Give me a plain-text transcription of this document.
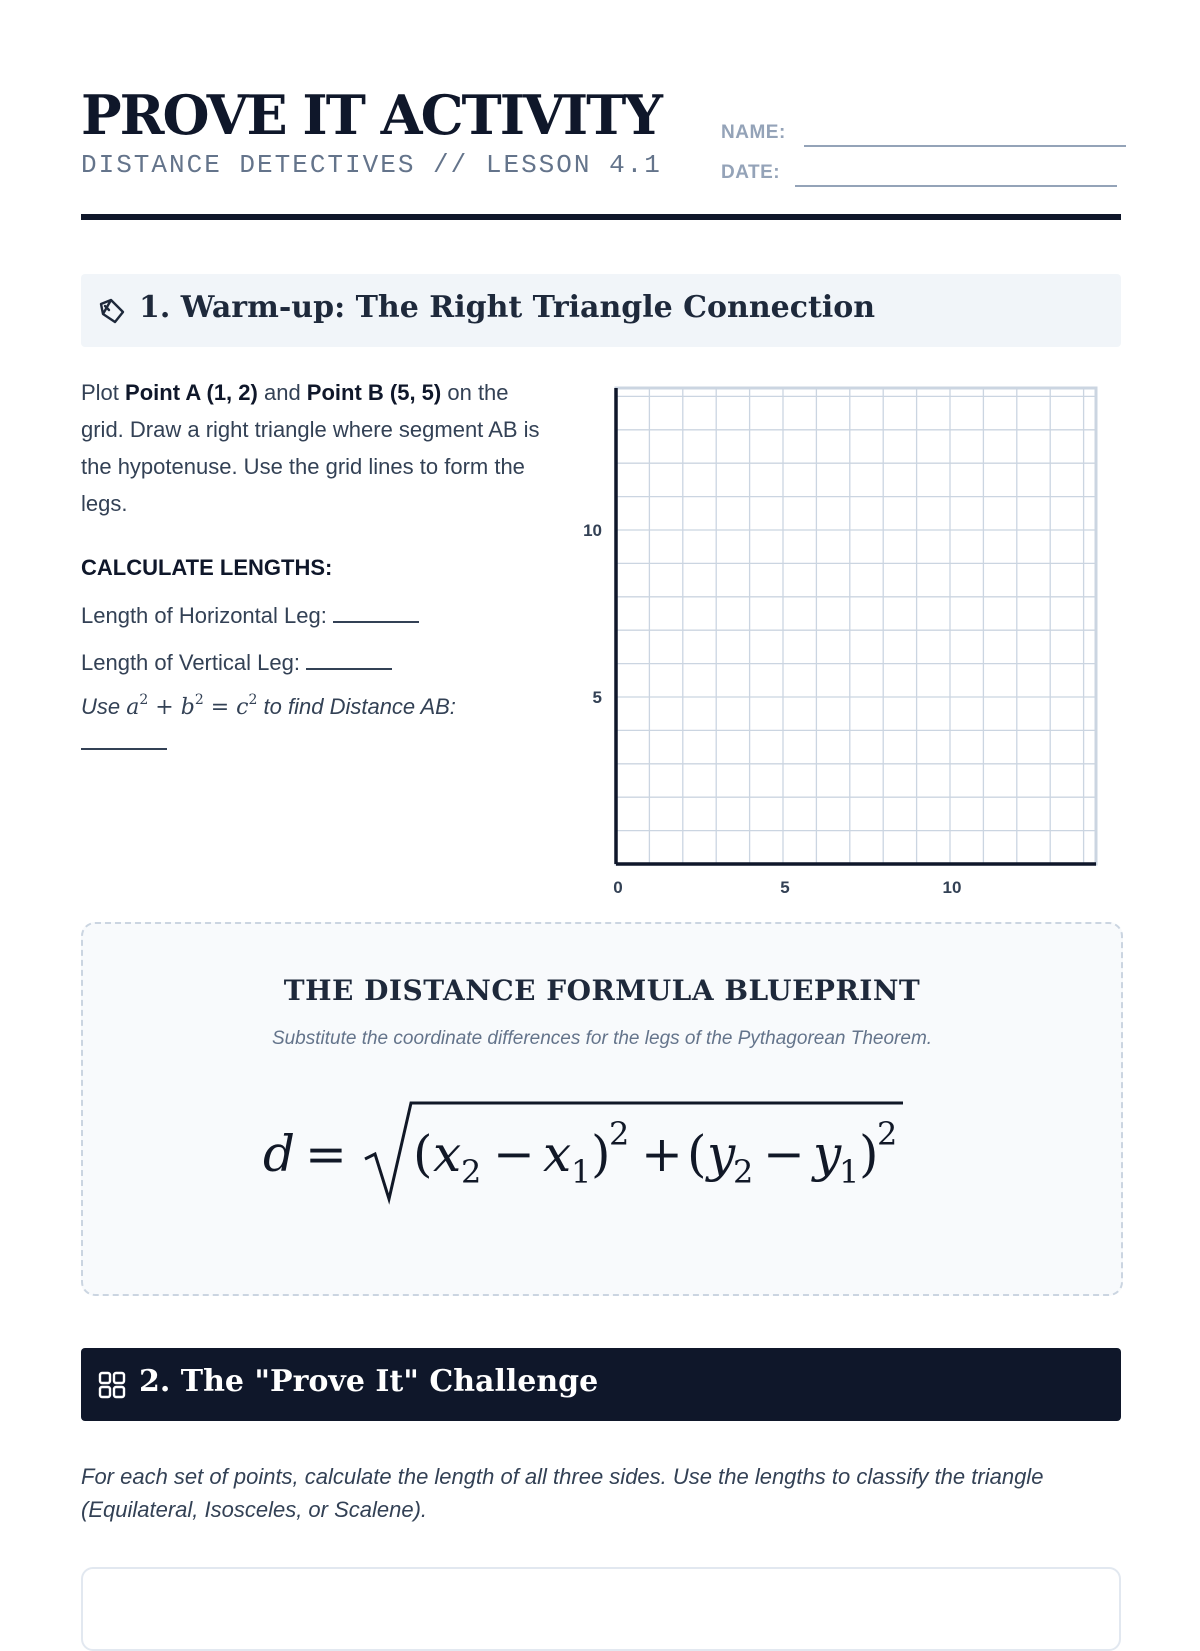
PROVE IT ACTIVITY
DISTANCE DETECTIVES // LESSON 4.1
NAME:
DATE:
1. Warm-up: The Right Triangle Connection
Plot Point A (1, 2) and Point B (5, 5) on the grid. Draw a right triangle where segment AB is the hypotenuse. Use the grid lines to form the legs.
CALCULATE LENGTHS:
Length of Horizontal Leg:
Length of Vertical Leg:
Use $a^2 + b^2 = c^2$ to find Distance AB:
0	5	10
5
10
THE DISTANCE FORMULA BLUEPRINT
Substitute the coordinate differences for the legs of the Pythagorean Theorem.
d = ( x 2 − x 1 )
2 + ( y
2 − y
1 )
2
2. The "Prove It" Challenge
For each set of points, calculate the length of all three sides. Use the lengths to classify the triangle (Equilateral, Isosceles, or Scalene).
